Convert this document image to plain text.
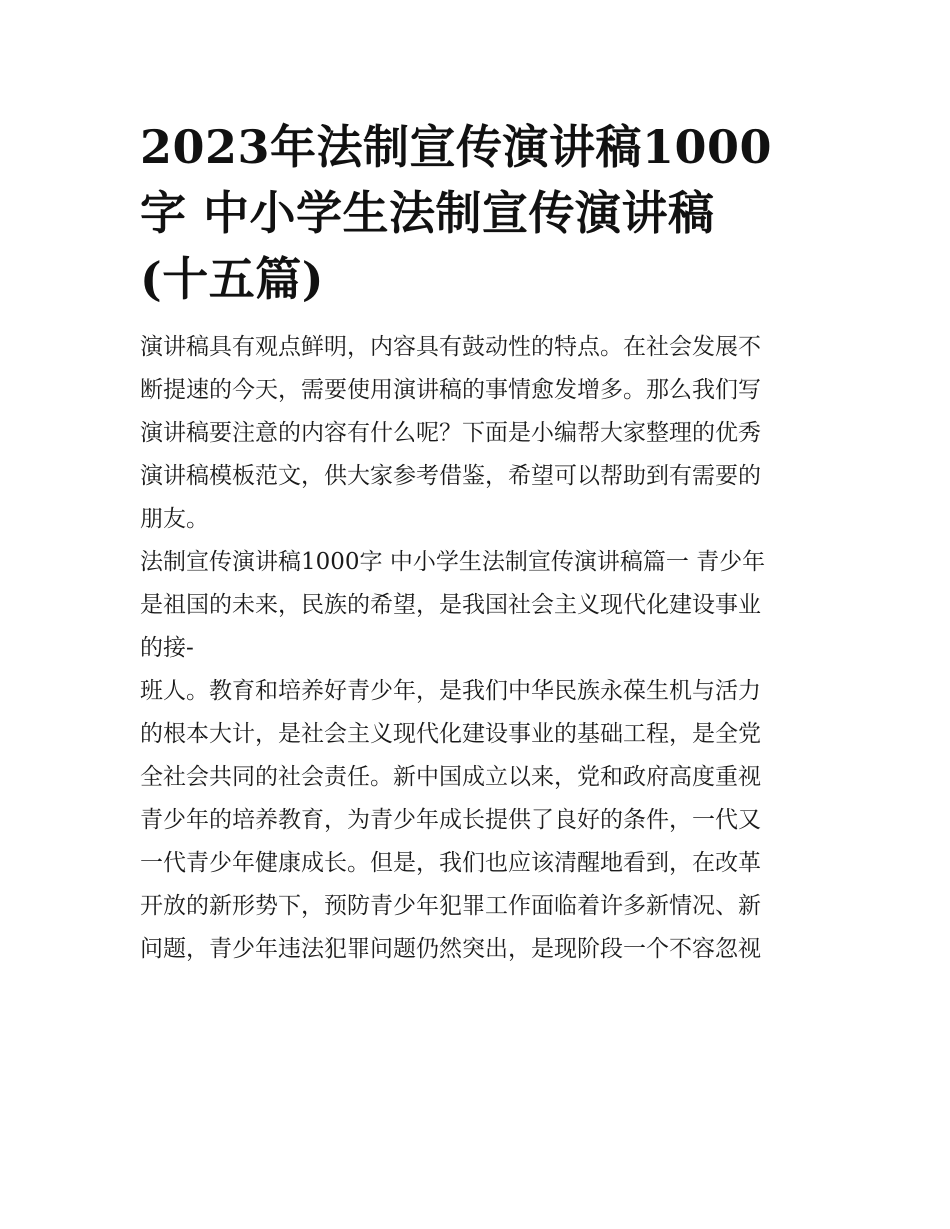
2023年法制宣传演讲稿1000
字 中小学生法制宣传演讲稿
(十五篇)

演讲稿具有观点鲜明，内容具有鼓动性的特点。在社会发展不
断提速的今天，需要使用演讲稿的事情愈发增多。那么我们写
演讲稿要注意的内容有什么呢？下面是小编帮大家整理的优秀
演讲稿模板范文，供大家参考借鉴，希望可以帮助到有需要的
朋友。

法制宣传演讲稿1000字 中小学生法制宣传演讲稿篇一 青少年
是祖国的未来，民族的希望，是我国社会主义现代化建设事业
的接-

班人。教育和培养好青少年，是我们中华民族永葆生机与活力
的根本大计，是社会主义现代化建设事业的基础工程，是全党
全社会共同的社会责任。新中国成立以来，党和政府高度重视
青少年的培养教育，为青少年成长提供了良好的条件，一代又
一代青少年健康成长。但是，我们也应该清醒地看到，在改革
开放的新形势下，预防青少年犯罪工作面临着许多新情况、新
问题，青少年违法犯罪问题仍然突出，是现阶段一个不容忽视
